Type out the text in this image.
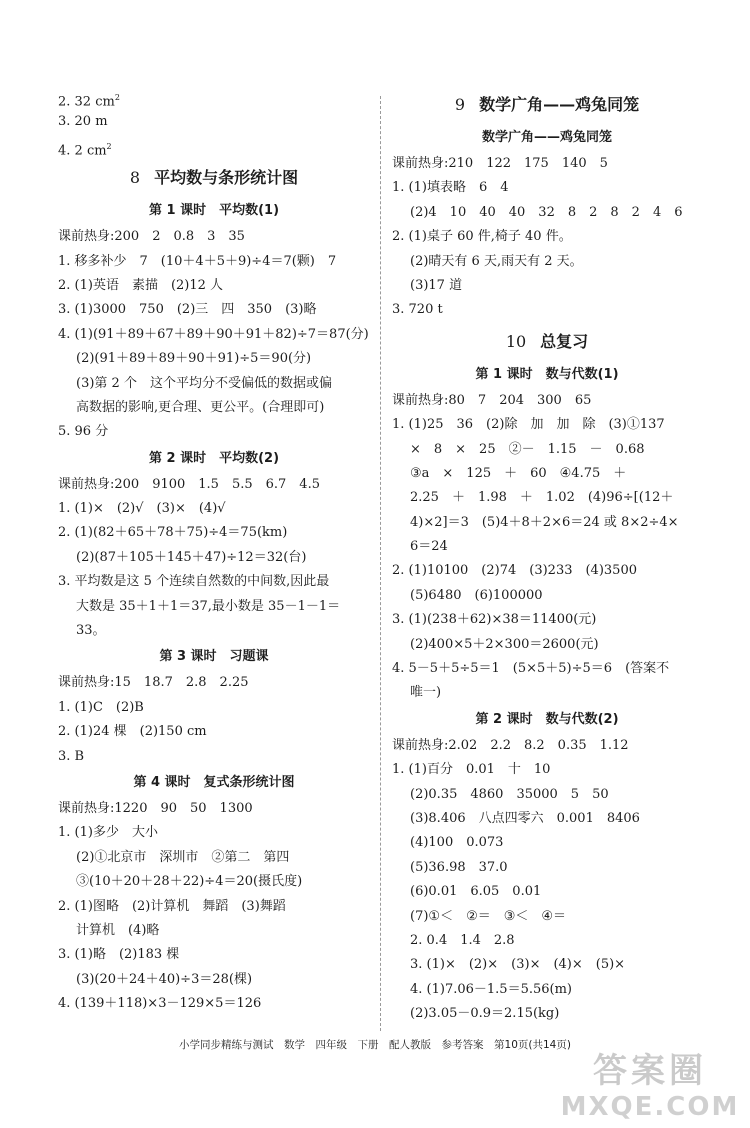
2. 32 $cm^2$
3. 20 m
4. 2 $cm^2$
8 平均数与条形统计图
第 1 课时　平均数(1)
课前热身:200　2　0.8　3　35
1. 移多补少　7　(10＋4＋5＋9)÷4＝7(颗)　7
2. (1)英语　素描　(2)12 人
3. (1)3000　750　(2)三　四　350　(3)略
4. (1)(91＋89＋67＋89＋90＋91＋82)÷7＝87(分)
(2)(91＋89＋89＋90＋91)÷5＝90(分)
(3)第 2 个　这个平均分不受偏低的数据或偏
高数据的影响,更合理、更公平。(合理即可)
5. 96 分
第 2 课时　平均数(2)
课前热身:200　9100　1.5　5.5　6.7　4.5
1. (1)×　(2)√　(3)×　(4)√
2. (1)(82＋65＋78＋75)÷4＝75(km)
(2)(87＋105＋145＋47)÷12＝32(台)
3. 平均数是这 5 个连续自然数的中间数,因此最
大数是 35＋1＋1＝37,最小数是 35－1－1＝
33。
第 3 课时　习题课
课前热身:15　18.7　2.8　2.25
1. (1)C　(2)B
2. (1)24 棵　(2)150 cm
3. B
第 4 课时　复式条形统计图
课前热身:1220　90　50　1300
1. (1)多少　大小
(2)①北京市　深圳市　②第二　第四
③(10＋20＋28＋22)÷4＝20(摄氏度)
2. (1)图略　(2)计算机　舞蹈　(3)舞蹈
计算机　(4)略
3. (1)略　(2)183 棵
(3)(20＋24＋40)÷3＝28(棵)
4. (139＋118)×3－129×5＝126
9 数学广角——鸡兔同笼
数学广角——鸡兔同笼
课前热身:210　122　175　140　5
1. (1)填表略　6　4
(2)4　10　40　40　32　8　2　8　2　4　6
2. (1)桌子 60 件,椅子 40 件。
(2)晴天有 6 天,雨天有 2 天。
(3)17 道
3. 720 t
10 总复习
第 1 课时　数与代数(1)
课前热身:80　7　204　300　65
1. (1)25　36　(2)除　加　加　除　(3)①137
×　8　×　25　②－　1.15　－　0.68
③a　×　125　＋　60　④4.75　＋
2.25　＋　1.98　＋　1.02　(4)96÷[(12＋
4)×2]＝3　(5)4＋8＋2×6＝24 或 8×2÷4×
6＝24
2. (1)10100　(2)74　(3)233　(4)3500
(5)6480　(6)100000
3. (1)(238＋62)×38＝11400(元)
(2)400×5＋2×300＝2600(元)
4. 5－5＋5÷5＝1　(5×5＋5)÷5＝6　(答案不
唯一)
第 2 课时　数与代数(2)
课前热身:2.02　2.2　8.2　0.35　1.12
1. (1)百分　0.01　十　10
(2)0.35　4860　35000　5　50
(3)8.406　八点四零六　0.001　8406
(4)100　0.073
(5)36.98　37.0
(6)0.01　6.05　0.01
(7)①＜　②＝　③＜　④＝
2. 0.4　1.4　2.8
3. (1)×　(2)×　(3)×　(4)×　(5)×
4. (1)7.06－1.5＝5.56(m)
(2)3.05－0.9＝2.15(kg)
小学同步精练与测试　数学　四年级　下册　配人教版　参考答案　第10页(共14页)
答案圈
MXQE.COM
